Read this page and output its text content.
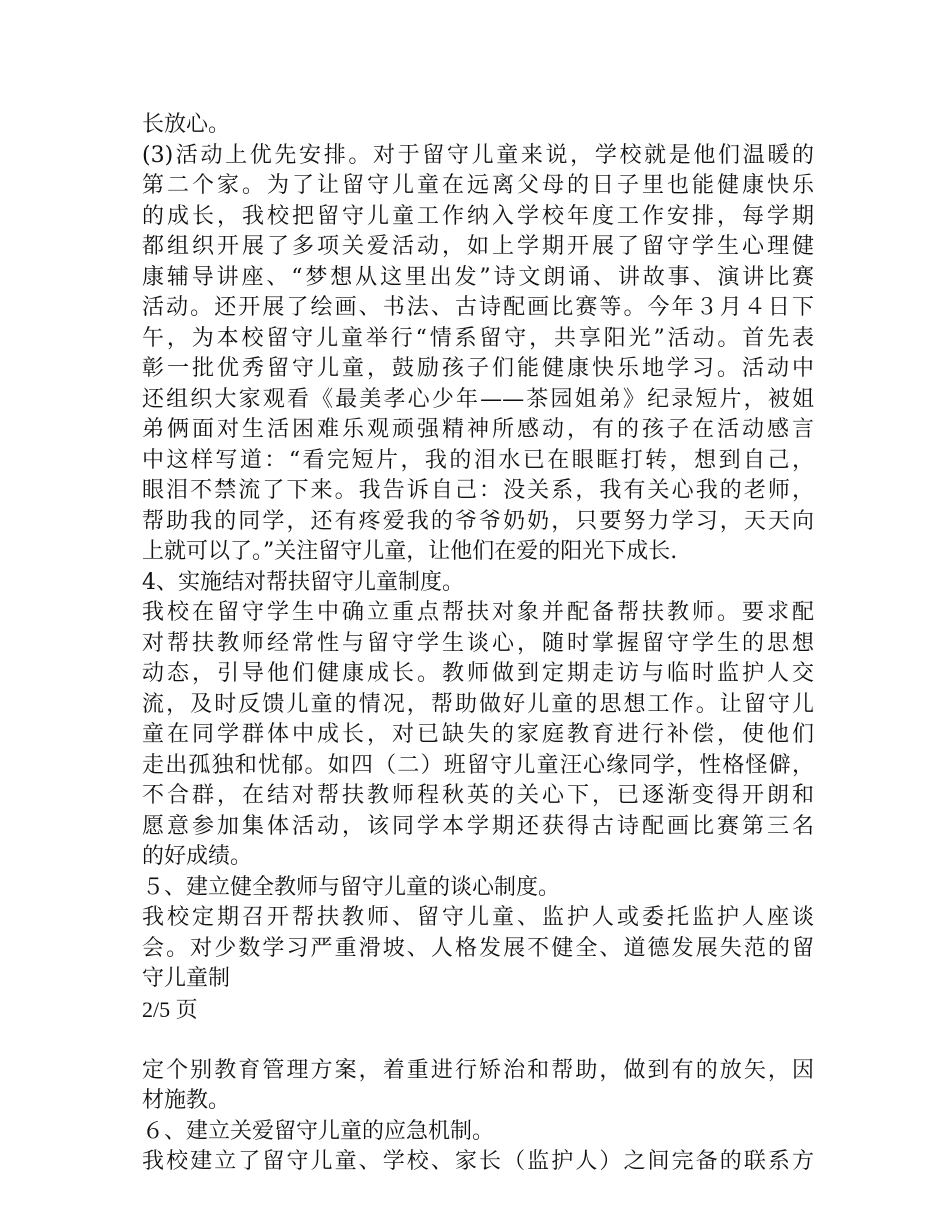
长放心。
(3)活动上优先安排。对于留守儿童来说，学校就是他们温暖的
第二个家。为了让留守儿童在远离父母的日子里也能健康快乐
的成长，我校把留守儿童工作纳入学校年度工作安排，每学期
都组织开展了多项关爱活动，如上学期开展了留守学生心理健
康辅导讲座、“梦想从这里出发”诗文朗诵、讲故事、演讲比赛
活动。还开展了绘画、书法、古诗配画比赛等。今年３月４日下
午，为本校留守儿童举行“情系留守，共享阳光”活动。首先表
彰一批优秀留守儿童，鼓励孩子们能健康快乐地学习。活动中
还组织大家观看《最美孝心少年——茶园姐弟》纪录短片，被姐
弟俩面对生活困难乐观顽强精神所感动，有的孩子在活动感言
中这样写道：“看完短片，我的泪水已在眼眶打转，想到自己，
眼泪不禁流了下来。我告诉自己：没关系，我有关心我的老师，
帮助我的同学，还有疼爱我的爷爷奶奶，只要努力学习，天天向
上就可以了。”关注留守儿童，让他们在爱的阳光下成长.
4、实施结对帮扶留守儿童制度。
我校在留守学生中确立重点帮扶对象并配备帮扶教师。要求配
对帮扶教师经常性与留守学生谈心，随时掌握留守学生的思想
动态，引导他们健康成长。教师做到定期走访与临时监护人交
流，及时反馈儿童的情况，帮助做好儿童的思想工作。让留守儿
童在同学群体中成长，对已缺失的家庭教育进行补偿，使他们
走出孤独和忧郁。如四（二）班留守儿童汪心缘同学，性格怪僻，
不合群，在结对帮扶教师程秋英的关心下，已逐渐变得开朗和
愿意参加集体活动，该同学本学期还获得古诗配画比赛第三名
的好成绩。
５、建立健全教师与留守儿童的谈心制度。
我校定期召开帮扶教师、留守儿童、监护人或委托监护人座谈
会。对少数学习严重滑坡、人格发展不健全、道德发展失范的留
守儿童制
2/5 页
定个别教育管理方案，着重进行矫治和帮助，做到有的放矢，因
材施教。
６、建立关爱留守儿童的应急机制。
我校建立了留守儿童、学校、家长（监护人）之间完备的联系方
